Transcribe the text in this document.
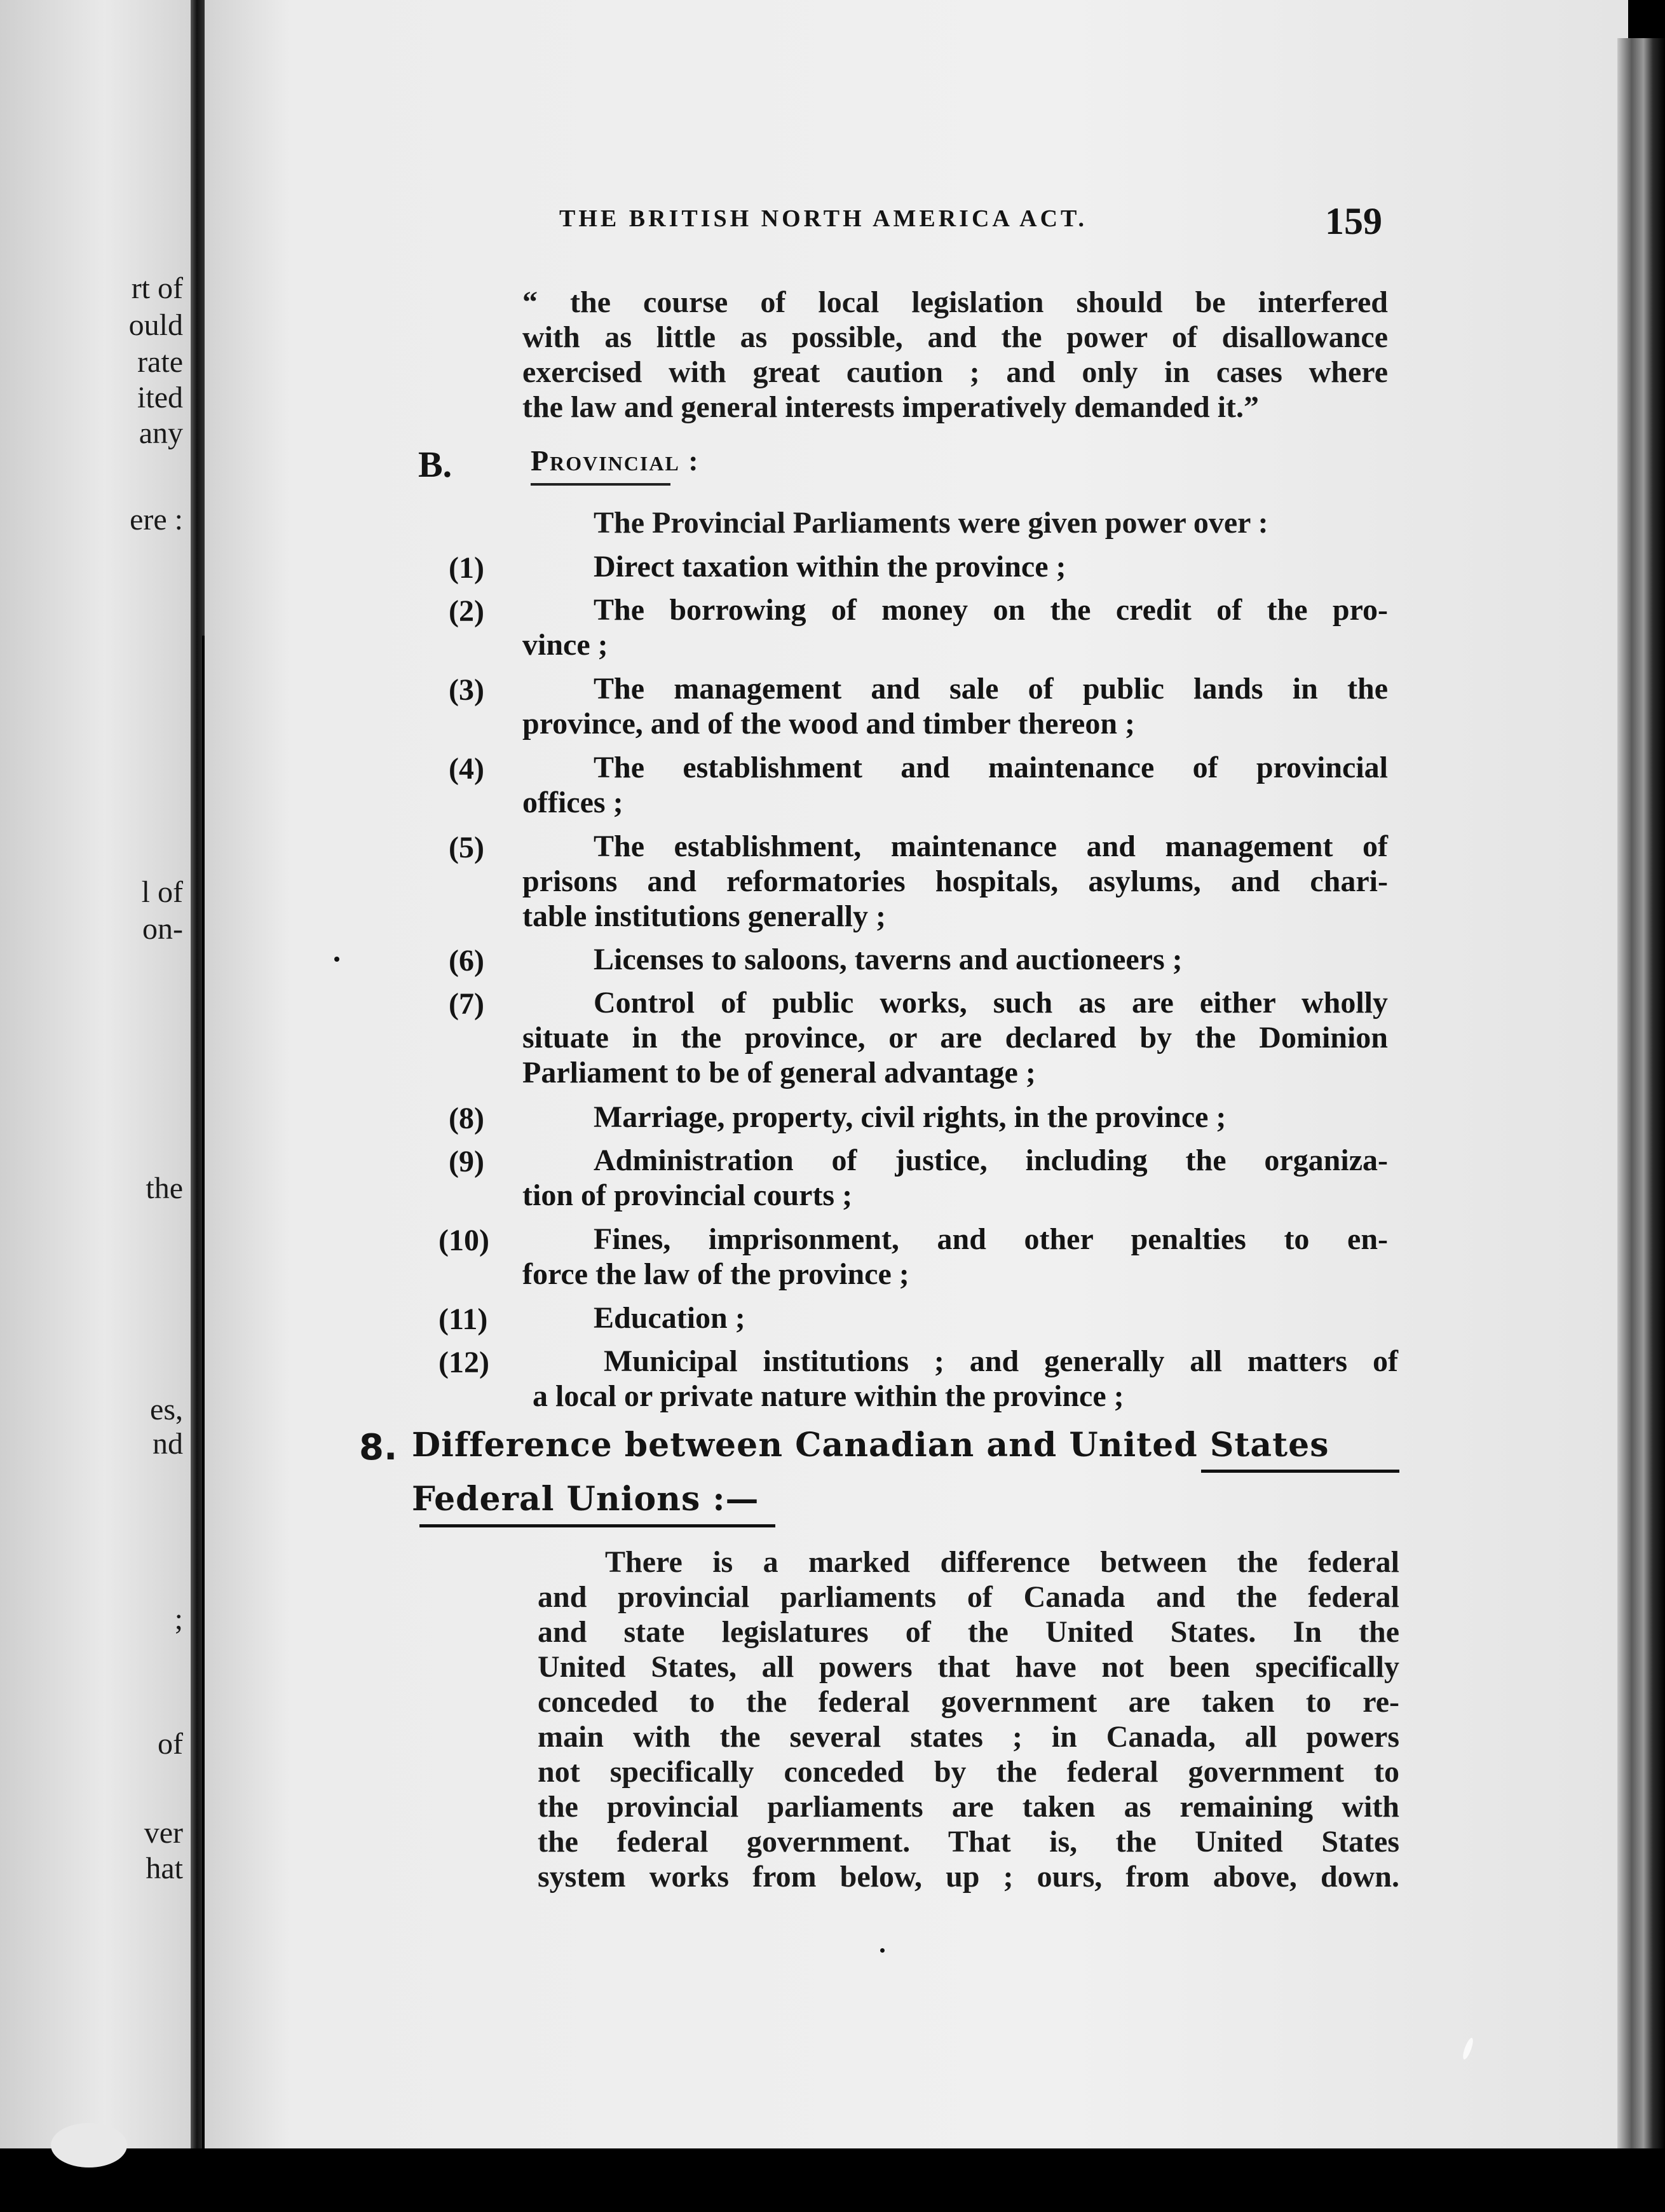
rt of
ould
rate
ited
any
ere :
l of
on-
the
es,
nd
;
of
ver
hat
THE BRITISH NORTH AMERICA ACT.	159
“ the course of local legislation should be interfered
with as little as possible, and the power of disallowance
exercised with great caution ; and only in cases where
the law and general interests imperatively demanded it.”
B.	Provincial :
The Provincial Parliaments were given power over :
(1)	Direct taxation within the province ;
(2)	The borrowing of money on the credit of the pro-
vince ;
(3)	The management and sale of public lands in the
province, and of the wood and timber thereon ;
(4)	The establishment and maintenance of provincial
offices ;
(5)	The establishment, maintenance and management of
prisons and reformatories hospitals, asylums, and chari-
table institutions generally ;
(6)	Licenses to saloons, taverns and auctioneers ;
(7)	Control of public works, such as are either wholly
situate in the province, or are declared by the Dominion
Parliament to be of general advantage ;
(8)	Marriage, property, civil rights, in the province ;
(9)	Administration of justice, including the organiza-
tion of provincial courts ;
(10)	Fines, imprisonment, and other penalties to en-
force the law of the province ;
(11)	Education ;
(12)	Municipal institutions ; and generally all matters of
a local or private nature within the province ;
8. Difference between Canadian and United States
Federal Unions :—
There is a marked difference between the federal
and provincial parliaments of Canada and the federal
and state legislatures of the United States. In the
United States, all powers that have not been specifically
conceded to the federal government are taken to re-
main with the several states ; in Canada, all powers
not specifically conceded by the federal government to
the provincial parliaments are taken as remaining with
the federal government. That is, the United States
system works from below, up ; ours, from above, down.
